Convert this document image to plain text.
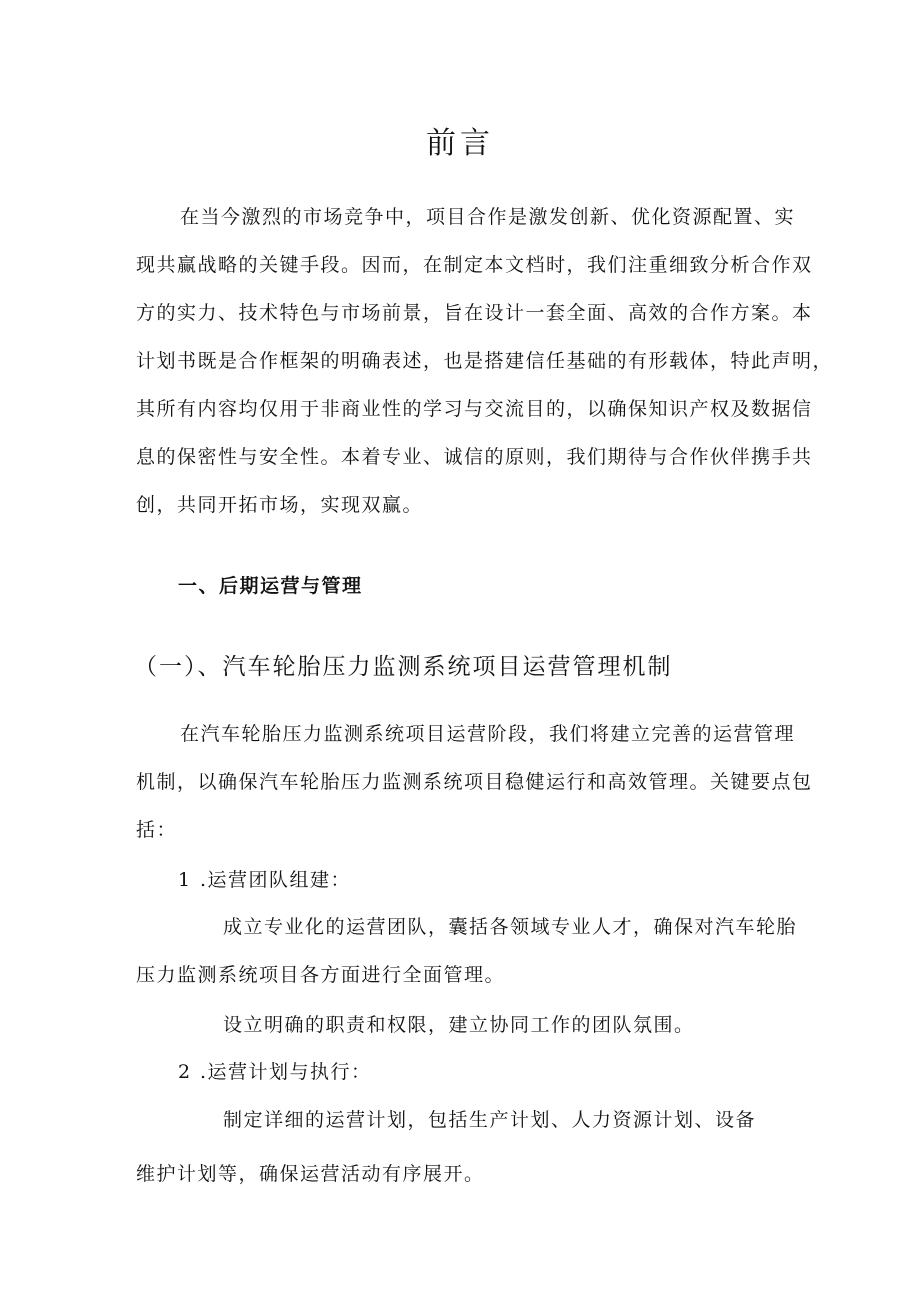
前言
在当今激烈的市场竞争中，项目合作是激发创新、优化资源配置、实
现共赢战略的关键手段。因而，在制定本文档时，我们注重细致分析合作双
方的实力、技术特色与市场前景，旨在设计一套全面、高效的合作方案。本
计划书既是合作框架的明确表述，也是搭建信任基础的有形载体，特此声明，
其所有内容均仅用于非商业性的学习与交流目的，以确保知识产权及数据信
息的保密性与安全性。本着专业、诚信的原则，我们期待与合作伙伴携手共
创，共同开拓市场，实现双赢。
一、后期运营与管理
（一）、汽车轮胎压力监测系统项目运营管理机制
在汽车轮胎压力监测系统项目运营阶段，我们将建立完善的运营管理
机制，以确保汽车轮胎压力监测系统项目稳健运行和高效管理。关键要点包
括：
1 .运营团队组建：
成立专业化的运营团队，囊括各领域专业人才，确保对汽车轮胎
压力监测系统项目各方面进行全面管理。
设立明确的职责和权限，建立协同工作的团队氛围。
2 .运营计划与执行：
制定详细的运营计划，包括生产计划、人力资源计划、设备
维护计划等，确保运营活动有序展开。
